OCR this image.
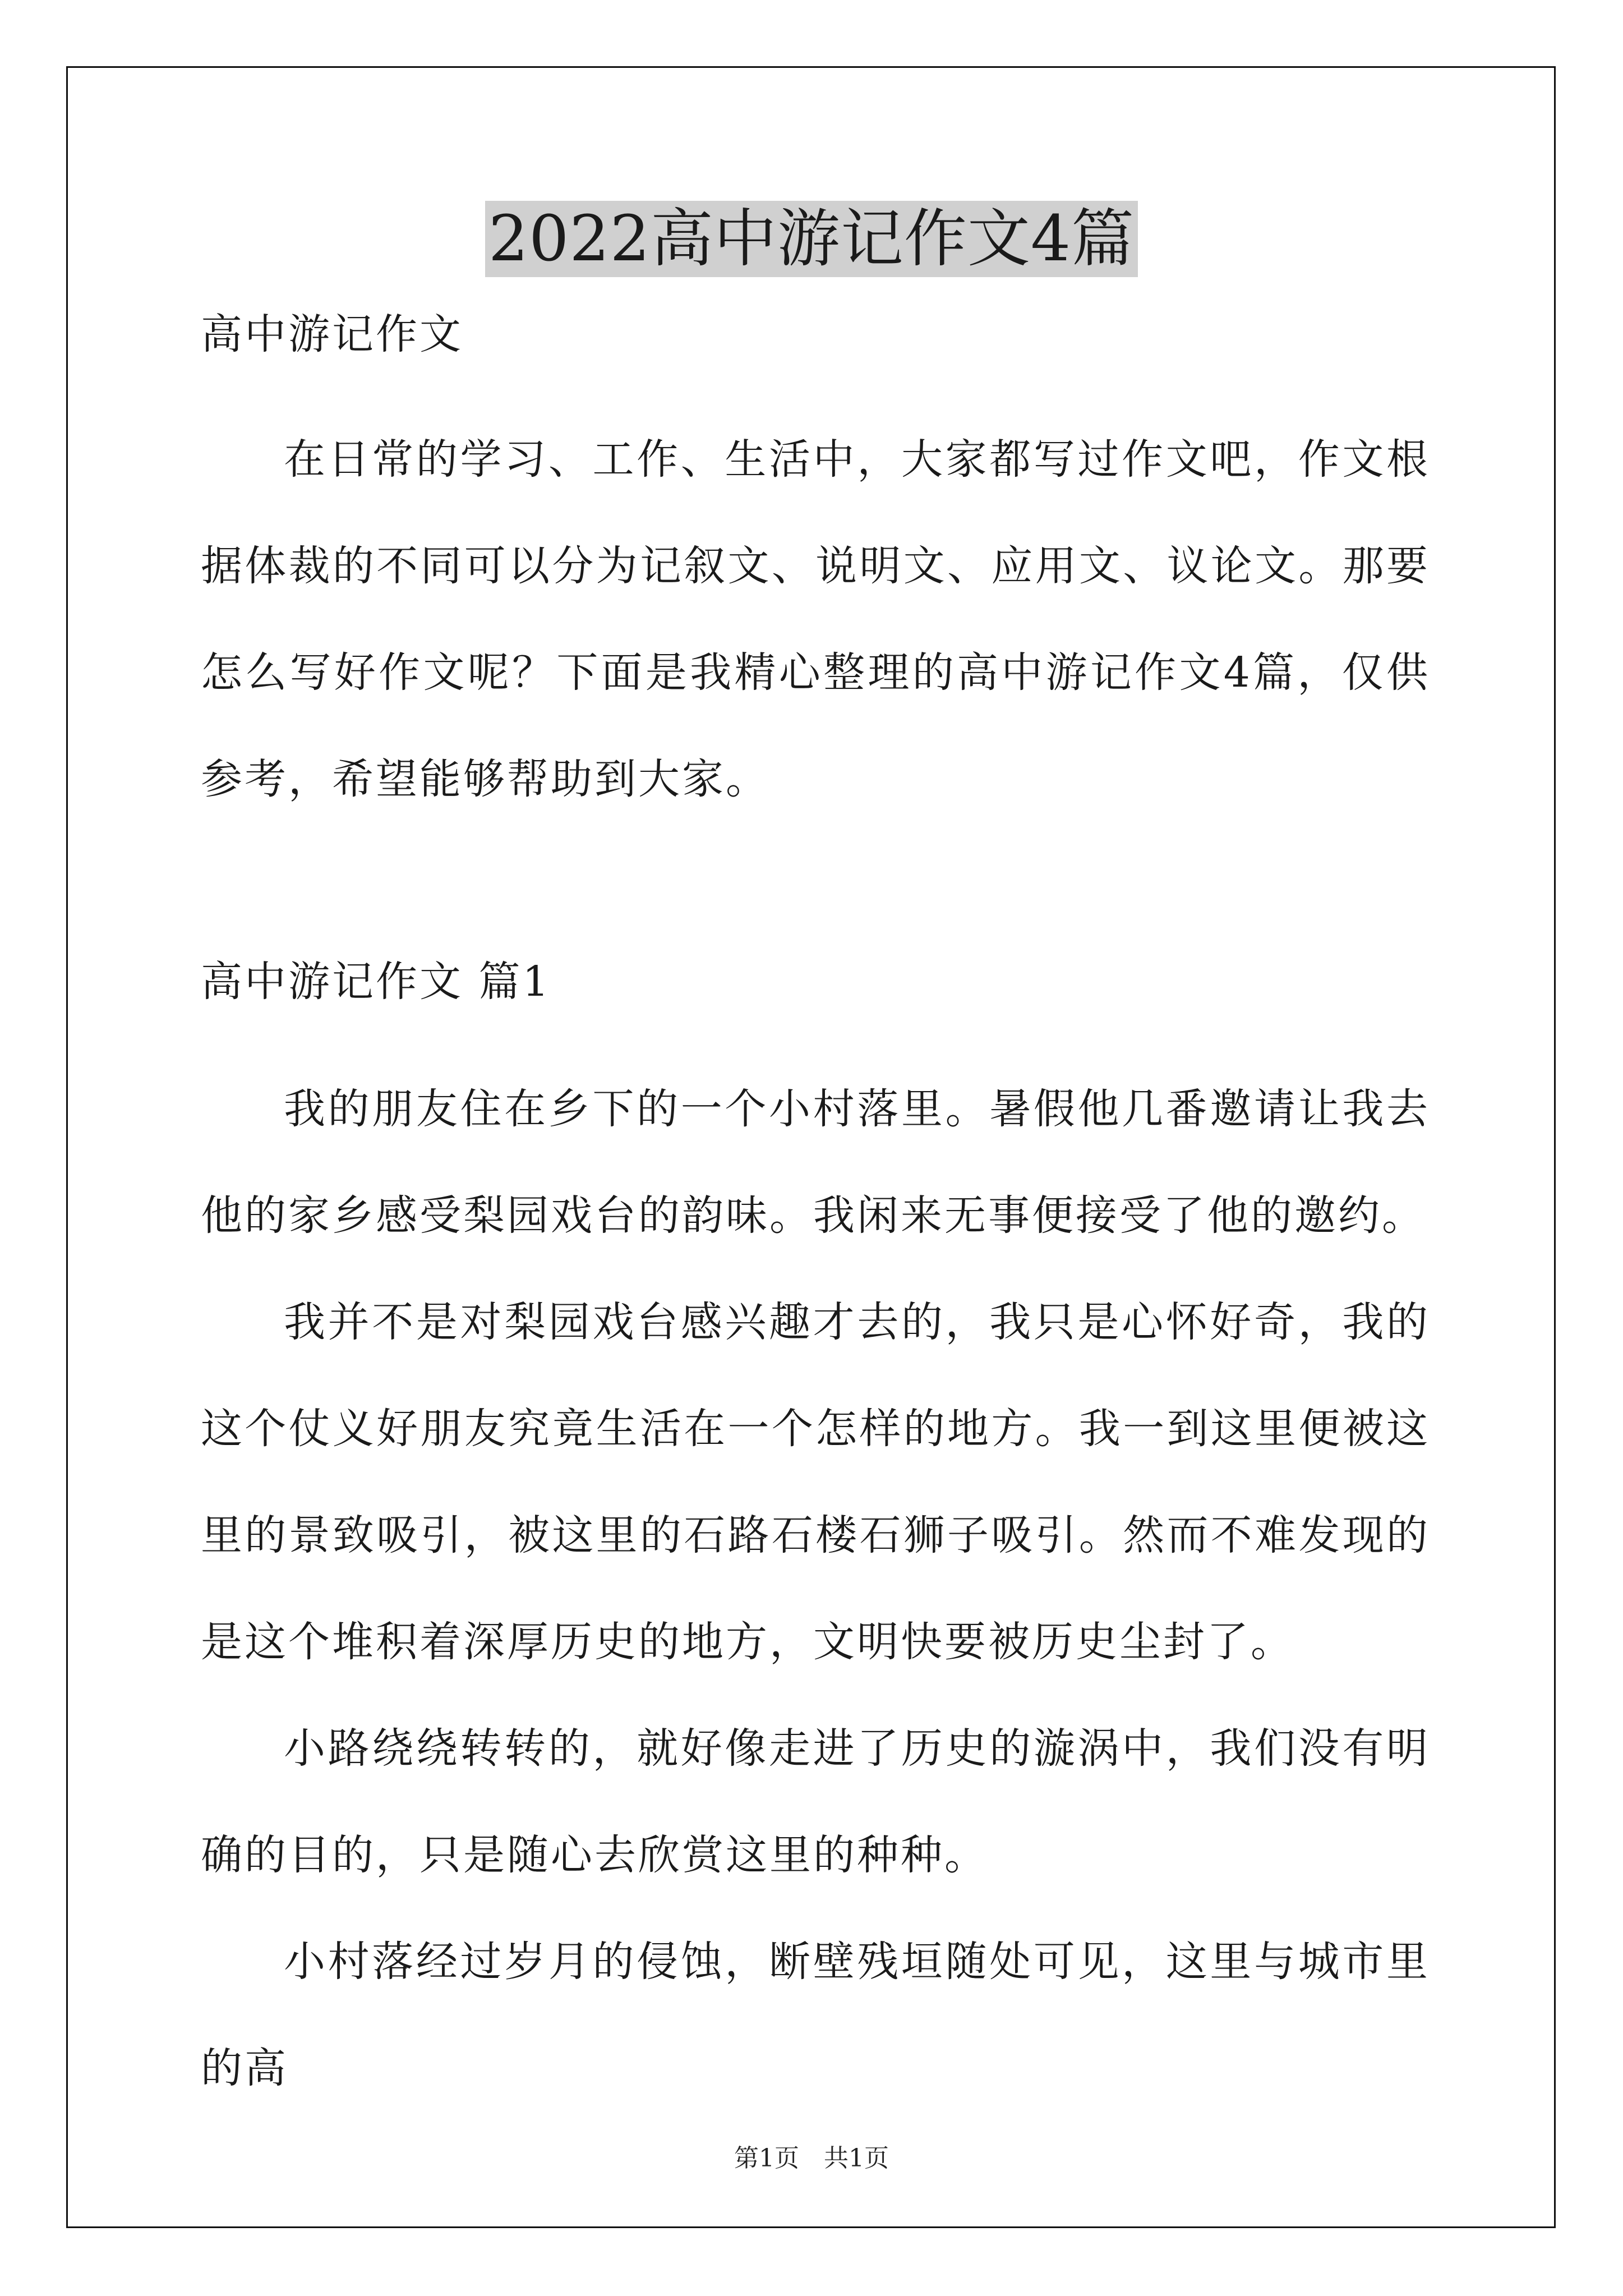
2022高中游记作文4篇

高中游记作文

在日常的学习、工作、生活中，大家都写过作文吧，作文根据体裁的不同可以分为记叙文、说明文、应用文、议论文。那要怎么写好作文呢？下面是我精心整理的高中游记作文4篇，仅供参考，希望能够帮助到大家。

高中游记作文 篇1

我的朋友住在乡下的一个小村落里。暑假他几番邀请让我去他的家乡感受梨园戏台的韵味。我闲来无事便接受了他的邀约。

我并不是对梨园戏台感兴趣才去的，我只是心怀好奇，我的这个仗义好朋友究竟生活在一个怎样的地方。我一到这里便被这里的景致吸引，被这里的石路石楼石狮子吸引。然而不难发现的是这个堆积着深厚历史的地方，文明快要被历史尘封了。

小路绕绕转转的，就好像走进了历史的漩涡中，我们没有明确的目的，只是随心去欣赏这里的种种。

小村落经过岁月的侵蚀，断壁残垣随处可见，这里与城市里的高

第1页　共1页
